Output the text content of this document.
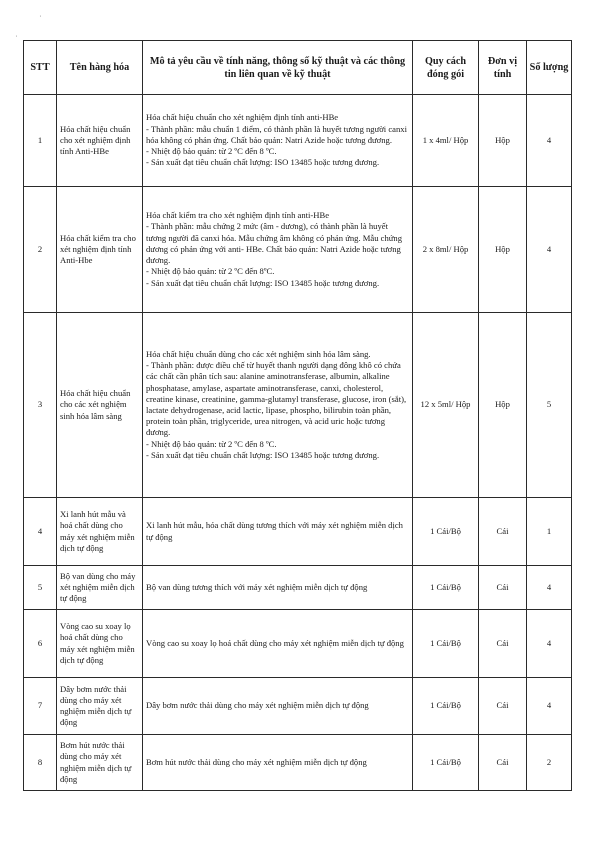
˙
˙
STT	Tên hàng hóa	Mô tả yêu cầu về tính năng, thông số kỹ thuật và các thông tin liên quan về kỹ thuật	Quy cách đóng gói	Đơn vị tính	Số lượng
1	Hóa chất hiệu chuẩn cho xét nghiệm định tính Anti-HBe	Hóa chất hiệu chuẩn cho xét nghiệm định tính anti-HBe
- Thành phần: mẫu chuẩn 1 điểm, có thành phần là huyết tương người canxi hóa không có phản ứng. Chất bảo quản: Natri Azide hoặc tương đương.
- Nhiệt độ bảo quản: từ 2 ºC đến 8 ºC.
- Sản xuất đạt tiêu chuẩn chất lượng: ISO 13485 hoặc tương đương.	1 x 4ml/ Hộp	Hộp	4
2	Hóa chất kiểm tra cho xét nghiệm định tính Anti-Hbe	Hóa chất kiểm tra cho xét nghiệm định tính anti-HBe
- Thành phần: mẫu chứng 2 mức (âm - dương), có thành phần là huyết tương người đã canxi hóa. Mẫu chứng âm không có phản ứng. Mẫu chứng dương có phản ứng với anti- HBe. Chất bảo quản: Natri Azide hoặc tương đương.
- Nhiệt độ bảo quản: từ 2 ºC đến 8ºC.
- Sản xuất đạt tiêu chuẩn chất lượng: ISO 13485 hoặc tương đương.	2 x 8ml/ Hộp	Hộp	4
3	Hóa chất hiệu chuẩn cho các xét nghiệm sinh hóa lâm sàng	Hóa chất hiệu chuẩn dùng cho các xét nghiệm sinh hóa lâm sàng.
- Thành phần: được điều chế từ huyết thanh người dạng đông khô có chứa các chất cần phân tích sau: alanine aminotransferase, albumin, alkaline phosphatase, amylase, aspartate aminotransferase, canxi, cholesterol, creatine kinase, creatinine, gamma-glutamyl transferase, glucose, iron (sắt), lactate dehydrogenase, acid lactic, lipase, phospho, bilirubin toàn phần, protein toàn phần, triglyceride, urea nitrogen, và acid uric hoặc tương đương.
- Nhiệt độ bảo quản: từ 2 ºC đến 8 ºC.
- Sản xuất đạt tiêu chuẩn chất lượng: ISO 13485 hoặc tương đương.	12 x 5ml/ Hộp	Hộp	5
4	Xi lanh hút mẫu và hoá chất dùng cho máy xét nghiệm miễn dịch tự động	Xi lanh hút mẫu, hóa chất dùng tương thích với máy xét nghiệm miễn dịch tự động	1 Cái/Bộ	Cái	1
5	Bộ van dùng cho máy xét nghiệm miễn dịch tự động	Bộ van dùng tương thích với máy xét nghiệm miễn dịch tự động	1 Cái/Bộ	Cái	4
6	Vòng cao su xoay lọ hoá chất dùng cho máy xét nghiệm miễn dịch tự động	Vòng cao su xoay lọ hoá chất dùng cho máy xét nghiệm miễn dịch tự động	1 Cái/Bộ	Cái	4
7	Dây bơm nước thải dùng cho máy xét nghiệm miễn dịch tự động	Dây bơm nước thải dùng cho máy xét nghiệm miễn dịch tự động	1 Cái/Bộ	Cái	4
8	Bơm hút nước thải dùng cho máy xét nghiệm miễn dịch tự động	Bơm hút nước thải dùng cho máy xét nghiệm miễn dịch tự động	1 Cái/Bộ	Cái	2
